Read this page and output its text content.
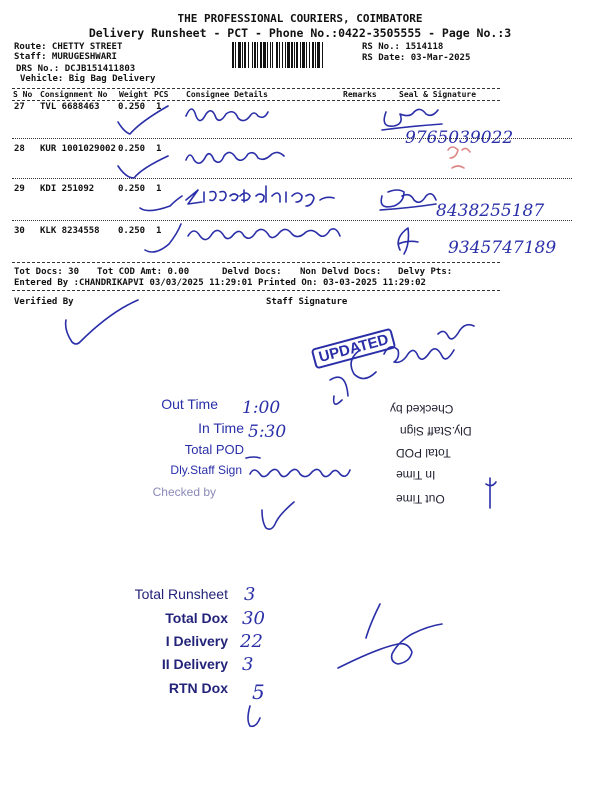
THE PROFESSIONAL COURIERS, COIMBATORE
Delivery Runsheet - PCT - Phone No.:0422-3505555 - Page No.:3
Route: CHETTY STREET
Staff: MURUGESHWARI
DRS No.: DCJB151411803
Vehicle: Big Bag Delivery
RS No.: 1514118
RS Date: 03-Mar-2025
S No Consignment No Weight PCS Consignee Details	Remarks	Seal & Signature
27 TVL 6688463 0.250 1
9765039022
28 KUR 1001029002 0.250 1
29 KDI 251092	0.250 1
8438255187
30 KLK 8234558 0.250 1
9345747189
Tot Docs: 30 Tot COD Amt: 0.00	Delvd Docs: Non Delvd Docs: Delvy Pts:
Entered By :CHANDRIKAPVI 03/03/2025 11:29:01 Printed On: 03-03-2025 11:29:02
Verified By	Staff Signature
UPDATED
Out Time 1:00
In Time 5:30
Total POD
Dly.Staff Sign
Checked by
Checked by
Dly.Staff Sign
Total POD
In Time
Out Time
Total Runsheet 3
Total Dox 30
I Delivery 22
II Delivery 3
RTN Dox 5
